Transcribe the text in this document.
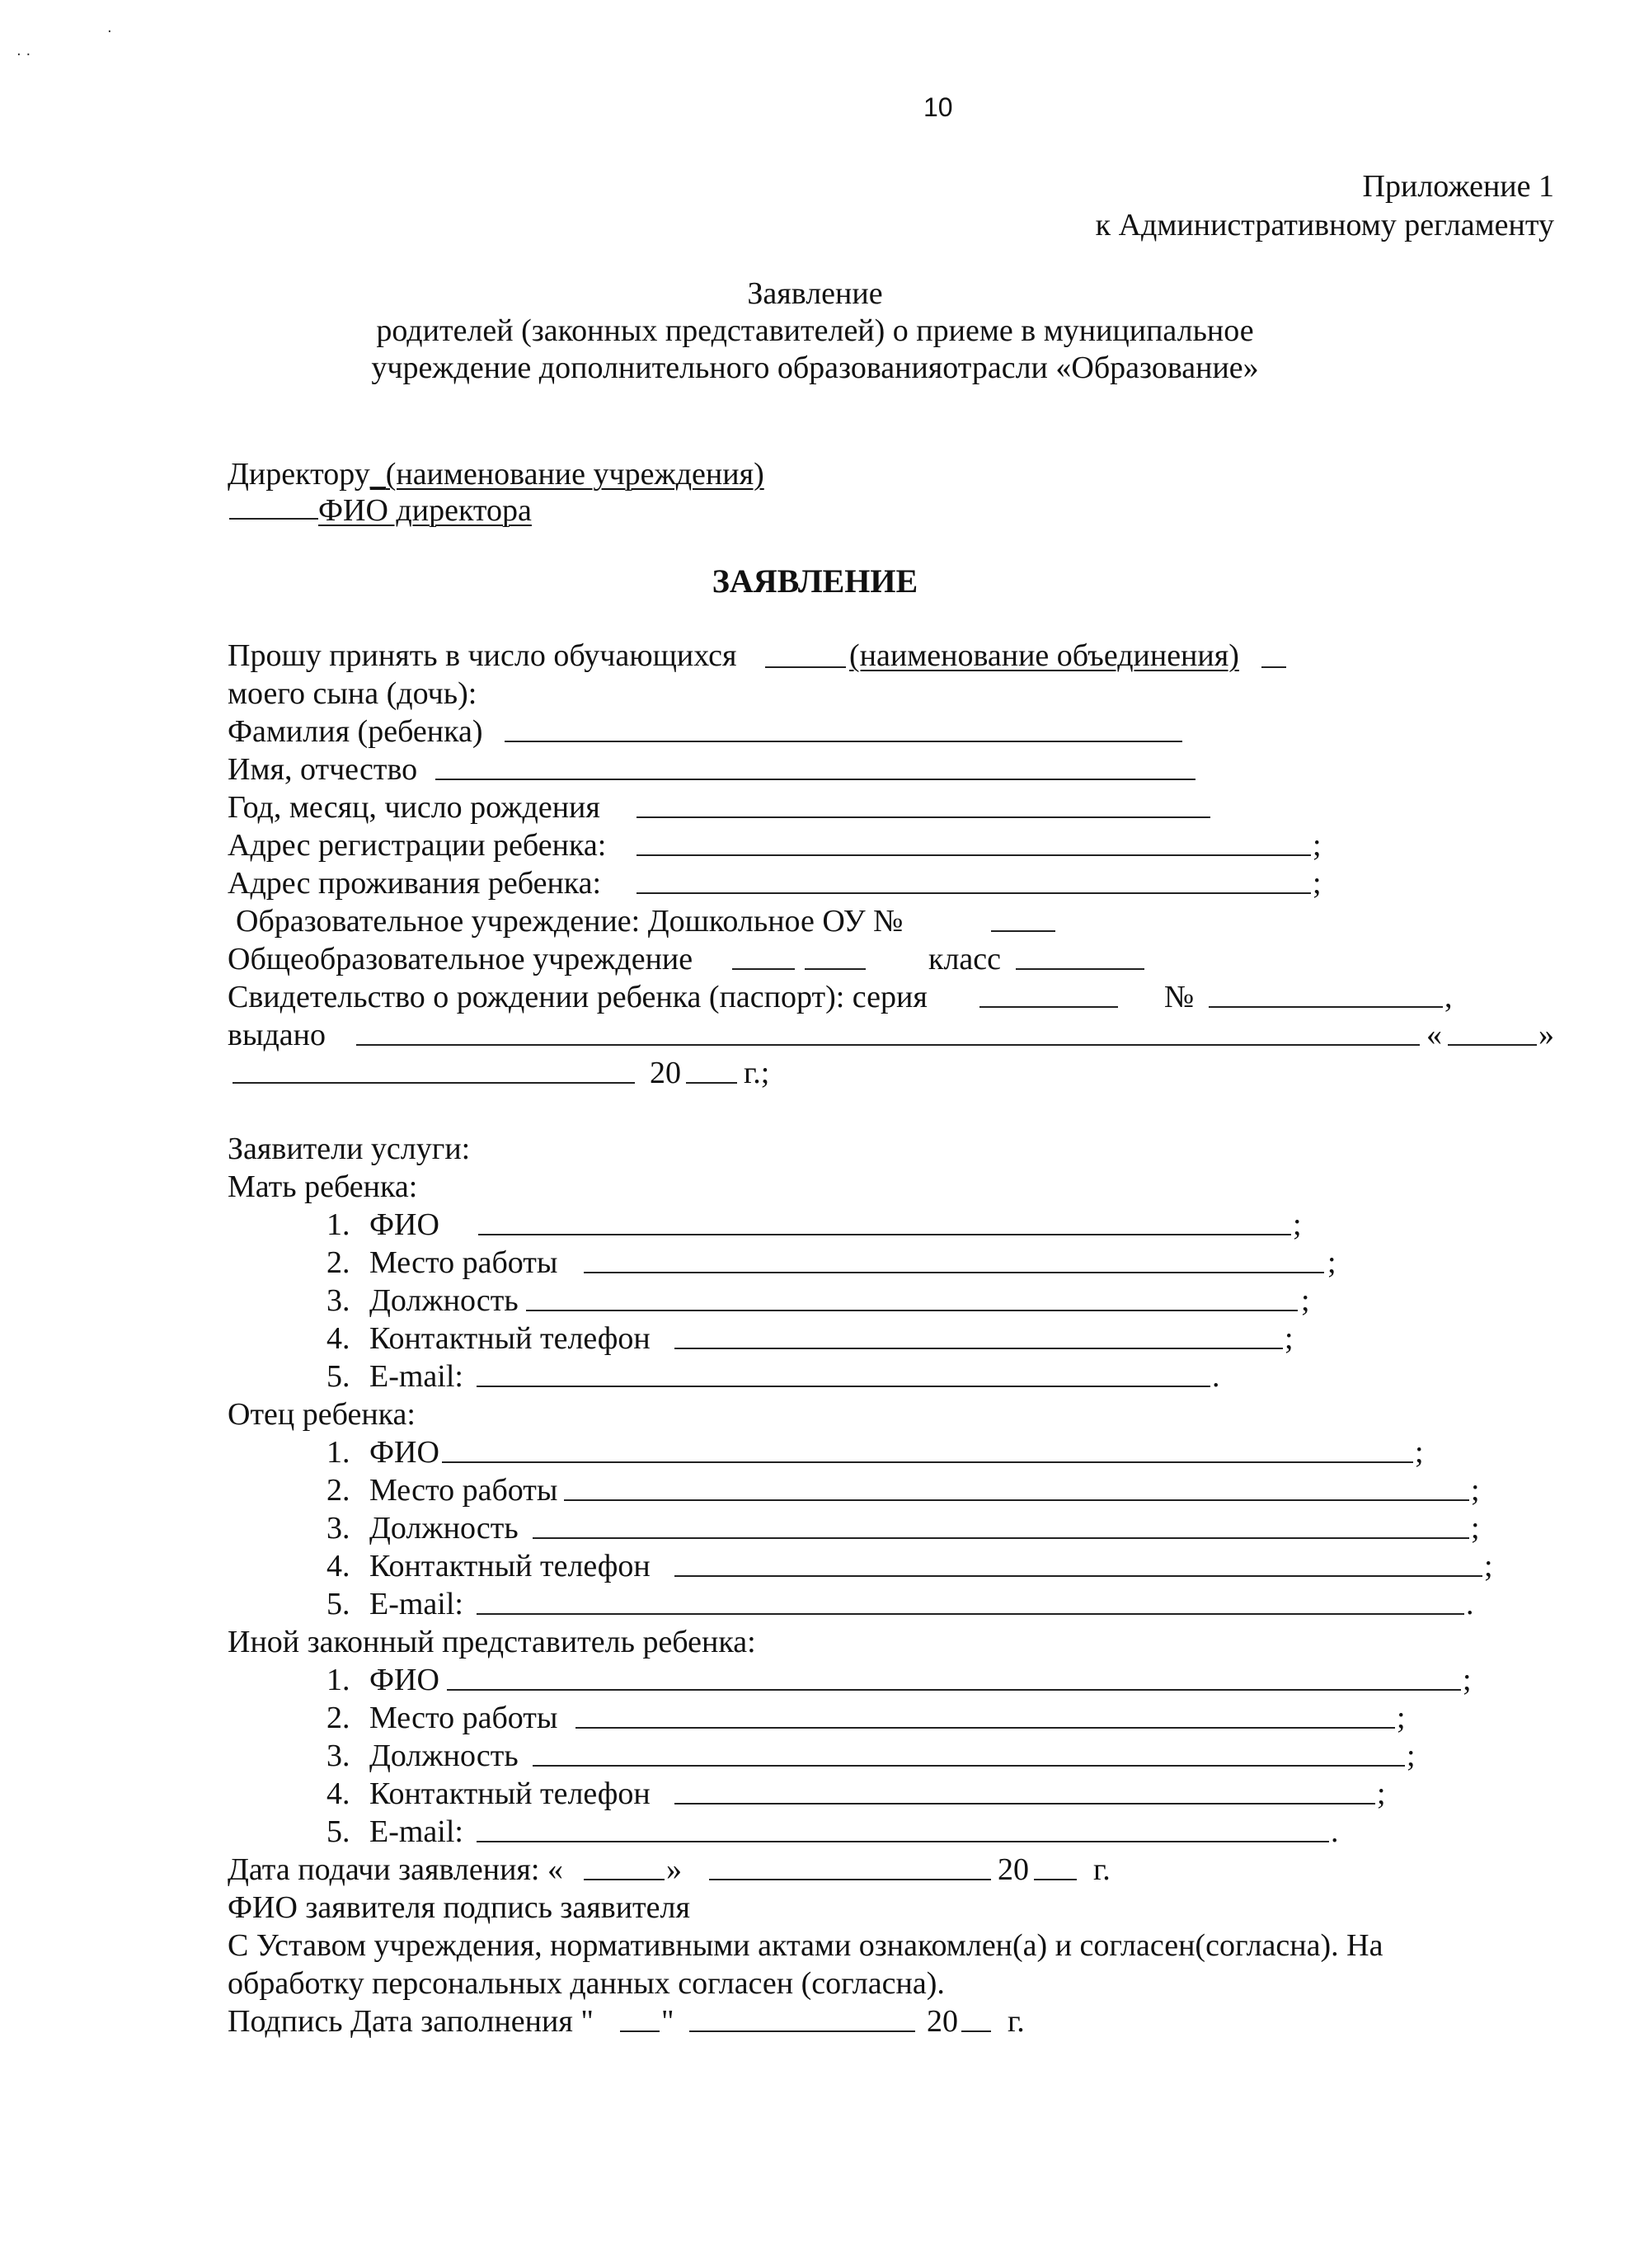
· ·
·
10
Приложение 1
к Административному регламенту
Заявление
родителей (законных представителей) о приеме в муниципальное
учреждение дополнительного образованияотрасли «Образование»
Директору_(наименование учреждения)
ФИО директора
ЗАЯВЛЕНИЕ
Прошу принять в число обучающихся	(наименование объединения)
моего сына (дочь):
Фамилия (ребенка)
Имя, отчество
Год, месяц, число рождения
Адрес регистрации ребенка:	;
Адрес проживания ребенка:	;
Образовательное учреждение: Дошкольное ОУ №
Общеобразовательное учреждение	класс
Свидетельство о рождении ребенка (паспорт): серия	№	,
выдано	«	»
20 г.;
Заявители услуги:
Мать ребенка:
1. ФИО	;
2. Место работы	;
3. Должность	;
4. Контактный телефон	;
5. E-mail:	.
Отец ребенка:
1. ФИО	;
2. Место работы	;
3. Должность	;
4. Контактный телефон	;
5. E-mail:	.
Иной законный представитель ребенка:
1. ФИО	;
2. Место работы	;
3. Должность	;
4. Контактный телефон	;
5. E-mail:	.
Дата подачи заявления: «	»	20 г.
ФИО заявителя подпись заявителя
С Уставом учреждения, нормативными актами ознакомлен(а) и согласен(согласна). На
обработку персональных данных согласен (согласна).
Подпись Дата заполнения " "	20 г.
